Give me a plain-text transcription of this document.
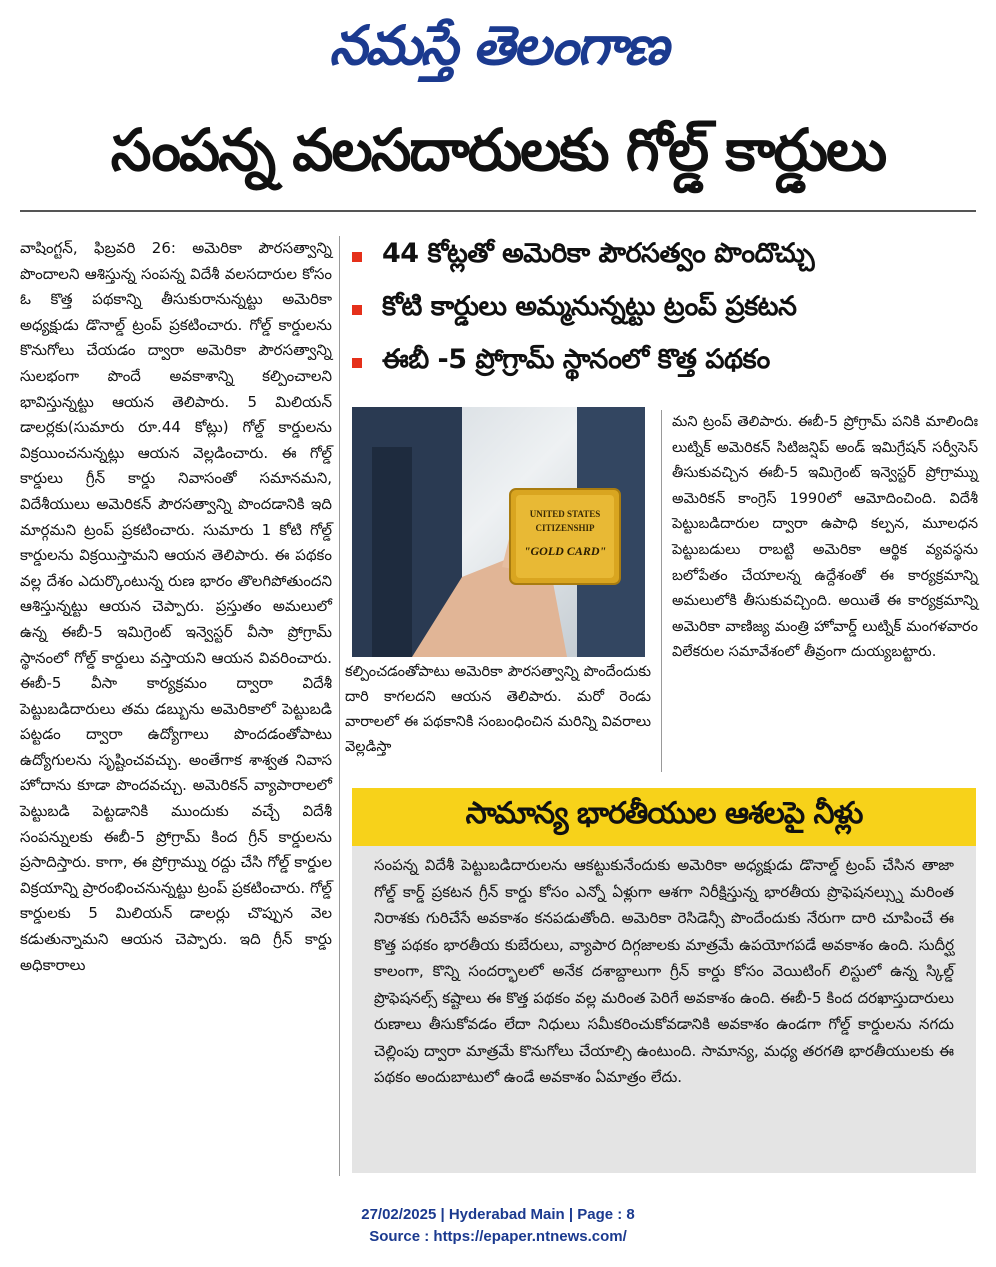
నమస్తే తెలంగాణ
సంపన్న వలసదారులకు గోల్డ్ కార్డులు
వాషింగ్టన్, ఫిబ్రవరి 26: అమెరికా పౌరసత్వాన్ని పొందాలని ఆశిస్తున్న సంపన్న విదేశీ వలసదారుల కోసం ఓ కొత్త పథకాన్ని తీసుకురానున్నట్టు అమెరికా అధ్యక్షుడు డొనాల్డ్ ట్రంప్ ప్రకటించారు. గోల్డ్ కార్డులను కొనుగోలు చేయడం ద్వారా అమెరికా పౌరసత్వాన్ని సులభంగా పొందే అవకాశాన్ని కల్పించాలని భావిస్తున్నట్టు ఆయన తెలిపారు. 5 మిలియన్ డాలర్లకు(సుమారు రూ.44 కోట్లు) గోల్డ్ కార్డులను విక్రయించనున్నట్లు ఆయన వెల్లడించారు. ఈ గోల్డ్ కార్డులు గ్రీన్ కార్డు నివాసంతో సమానమని, విదేశీయులు అమెరికన్ పౌరసత్వాన్ని పొందడానికి ఇది మార్గమని ట్రంప్ ప్రకటించారు. సుమారు 1 కోటి గోల్డ్ కార్డులను విక్రయిస్తామని ఆయన తెలిపారు. ఈ పథకం వల్ల దేశం ఎదుర్కొంటున్న రుణ భారం తొలగిపోతుందని ఆశిస్తున్నట్టు ఆయన చెప్పారు. ప్రస్తుతం అమలులో ఉన్న ఈబీ-5 ఇమిగ్రెంట్ ఇన్వెస్టర్ వీసా ప్రోగ్రామ్ స్థానంలో గోల్డ్ కార్డులు వస్తాయని ఆయన వివరించారు. ఈబీ-5 వీసా కార్యక్రమం ద్వారా విదేశీ పెట్టుబడిదారులు తమ డబ్బును అమెరికాలో పెట్టుబడి పట్టడం ద్వారా ఉద్యోగాలు పొందడంతోపాటు ఉద్యోగులను సృష్టించవచ్చు. అంతేగాక శాశ్వత నివాస హోదాను కూడా పొందవచ్చు. అమెరికన్ వ్యాపారాలలో పెట్టుబడి పెట్టడానికి ముందుకు వచ్చే విదేశీ సంపన్నులకు ఈబీ-5 ప్రోగ్రామ్ కింద గ్రీన్ కార్డులను ప్రసాదిస్తారు. కాగా, ఈ ప్రోగ్రామ్ను రద్దు చేసి గోల్డ్ కార్డుల విక్రయాన్ని ప్రారంభించనున్నట్టు ట్రంప్ ప్రకటించారు. గోల్డ్ కార్డులకు 5 మిలియన్ డాలర్లు చొప్పున వెల కడుతున్నామని ఆయన చెప్పారు. ఇది గ్రీన్ కార్డు అధికారాలు
44 కోట్లతో అమెరికా పౌరసత్వం పొందొచ్చు
కోటి కార్డులు అమ్మనున్నట్టు ట్రంప్ ప్రకటన
ఈబీ -5 ప్రోగ్రామ్ స్థానంలో కొత్త పథకం
UNITED STATES
CITIZENSHIP
"GOLD CARD"
కల్పించడంతోపాటు అమెరికా పౌరసత్వాన్ని పొందేందుకు దారి కాగలదని ఆయన తెలిపారు. మరో రెండు వారాలలో ఈ పథకానికి సంబంధించిన మరిన్ని వివరాలు వెల్లడిస్తా
మని ట్రంప్ తెలిపారు. ఈబీ-5 ప్రోగ్రామ్ పనికి మాలిందిః లుట్నిక్ అమెరికన్ సిటిజన్షిప్ అండ్ ఇమిగ్రేషన్ సర్వీసెస్ తీసుకువచ్చిన ఈబీ-5 ఇమిగ్రెంట్ ఇన్వెస్టర్ ప్రోగ్రామ్ను అమెరికన్ కాంగ్రెస్ 1990లో ఆమోదించింది. విదేశీ పెట్టుబడిదారుల ద్వారా ఉపాధి కల్పన, మూలధన పెట్టుబడులు రాబట్టి అమెరికా ఆర్థిక వ్యవస్థను బలోపేతం చేయాలన్న ఉద్దేశంతో ఈ కార్యక్రమాన్ని అమలులోకి తీసుకువచ్చింది. అయితే ఈ కార్యక్రమాన్ని అమెరికా వాణిజ్య మంత్రి హోవార్డ్ లుట్నిక్ మంగళవారం విలేకరుల సమావేశంలో తీవ్రంగా దుయ్యబట్టారు.
సామాన్య భారతీయుల ఆశలపై నీళ్లు
సంపన్న విదేశీ పెట్టుబడిదారులను ఆకట్టుకునేందుకు అమెరికా అధ్యక్షుడు డొనాల్డ్ ట్రంప్ చేసిన తాజా గోల్డ్ కార్డ్ ప్రకటన గ్రీన్ కార్డు కోసం ఎన్నో ఏళ్లుగా ఆశగా నిరీక్షిస్తున్న భారతీయ ప్రొఫెషనల్స్ను మరింత నిరాశకు గురిచేసే అవకాశం కనపడుతోంది. అమెరికా రెసిడెన్సీ పొందేందుకు నేరుగా దారి చూపించే ఈ కొత్త పథకం భారతీయ కుబేరులు, వ్యాపార దిగ్గజాలకు మాత్రమే ఉపయోగపడే అవకాశం ఉంది. సుదీర్ఘ కాలంగా, కొన్ని సందర్భాలలో అనేక దశాబ్దాలుగా గ్రీన్ కార్డు కోసం వెయిటింగ్ లిస్టులో ఉన్న స్కిల్డ్ ప్రొఫెషనల్స్ కష్టాలు ఈ కొత్త పథకం వల్ల మరింత పెరిగే అవకాశం ఉంది. ఈబీ-5 కింద దరఖాస్తుదారులు రుణాలు తీసుకోవడం లేదా నిధులు సమీకరించుకోవడానికి అవకాశం ఉండగా గోల్డ్ కార్డులను నగదు చెల్లింపు ద్వారా మాత్రమే కొనుగోలు చేయాల్సి ఉంటుంది. సామాన్య, మధ్య తరగతి భారతీయులకు ఈ పథకం అందుబాటులో ఉండే అవకాశం ఏమాత్రం లేదు.
27/02/2025 | Hyderabad Main | Page : 8
Source : https://epaper.ntnews.com/
